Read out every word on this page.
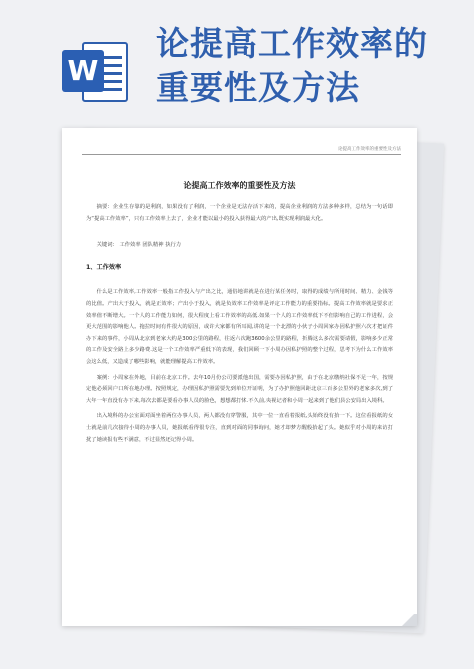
W
论提高工作效率的
重要性及方法
论提高工作效率的重要性及方法
论提高工作效率的重要性及方法

摘要：企业生存靠的是利润，如果没有了利润，一个企业是无法存活下来的，提高企业利润的方法多种多样，总结为一句话即为“提高工作效率”，只有工作效率上去了，企业才能以最小的投入获得最大的产出,既实现利润最大化。

关键词： 工作效率 团队精神 执行力

1、工作效率

什么是工作效率,工作效率一般指工作投入与产出之比，通俗地讲就是在进行某任务时，取得的成绩与所用时间、精力、金钱等的比值。产出大于投入，就是正效率；产出小于投入，就是负效率工作效率是评定工作能力的重要指标。提高工作效率就是要求正效率值不断增大。一个人的工作能力如何，很大程度上看工作效率的高低.如果一个人的工作效率低下不但影响自己的工作进程，会更大范围的影响他人。拖拉时间有件很大的原因，或许大家都有所耳闻,讲的是一个北漂的小伙子小周回家办因私护照六次才把证件办下来的事件，小周从北京到老家大约是300公里的路程，往返六次跑3600余公里的路程，折腾这么多次需要请假，影响多少正常的工作及安全路上多少路费.这是一个工作效率严重低下的表现，我们回顾一下小周办因私护照的整个过程，思考下为什么工作效率会这么低，又造成了哪些影响，就能理解提高工作效率。

案例：小周家在外地，目前在北京工作。去年10月份公司要派他出国，需要办因私护照，由于在北京缴纳社保不足一年，按规定他必须回户口所在地办理。按照规定，办理因私护照需要先到单位开证明，为了办护照他回距北京三百多公里外的老家多次,到了大年一年直没有办下来,每次去都是要看办事人员的脸色，想想都打怵.不久前,央视记者和小周一起来到了他们县公安局出入境科。

出入境科的办公室面对面坐着两位办事人员，两人都没有穿警服，其中一位一直看着报纸,头始终没有抬一下。这位看报纸的女士就是前几次接待小周的办事人员，她报纸看得很专注，直到对面的同事询问，她才却梦方醒般抬起了头。她似乎对小周的来访打扰了她读报有些不满意，不过显然还记得小周。
